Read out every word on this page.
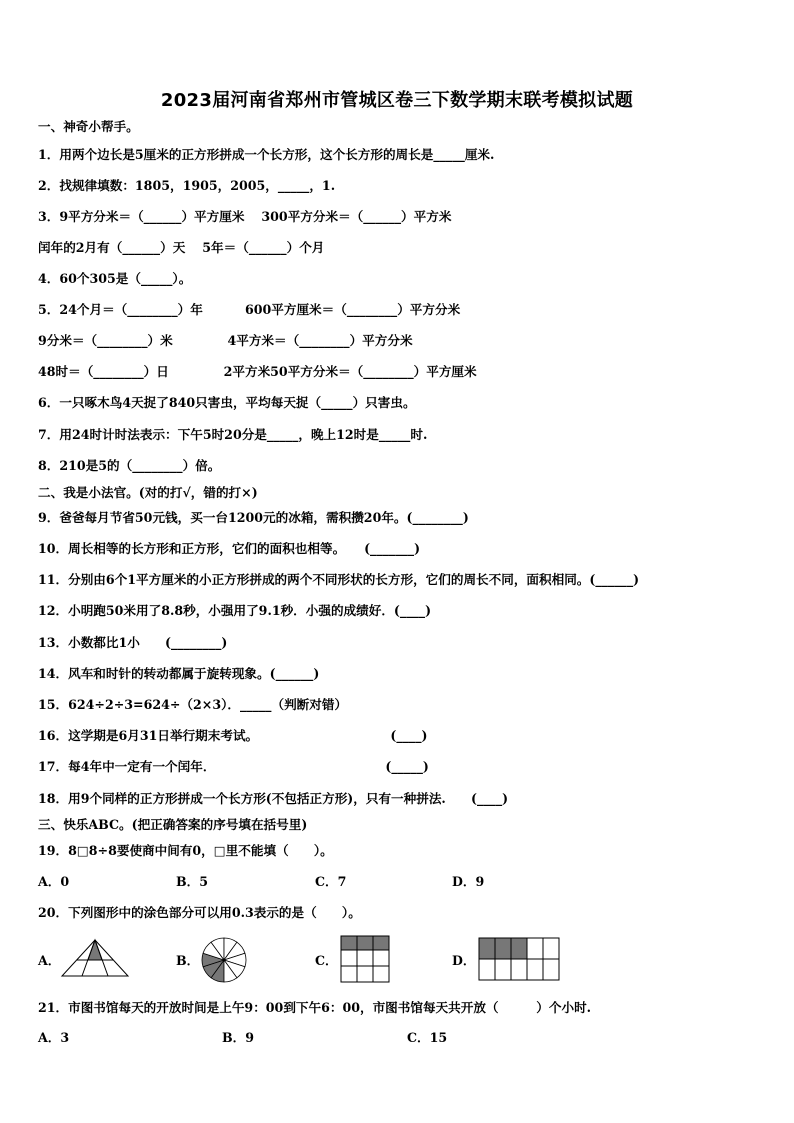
2023届河南省郑州市管城区卷三下数学期末联考模拟试题
一、神奇小帮手。
1．用两个边长是5厘米的正方形拼成一个长方形，这个长方形的周长是_____厘米.
2．找规律填数：1805，1905，2005，_____，1.
3．9平方分米＝（______）平方厘米　 300平方分米＝（______）平方米
闰年的2月有（______）天　 5年＝（______）个月
4．60个305是（_____）。
5．24个月＝（________）年　　　 600平方厘米＝（________）平方分米
9分米＝（________）米　　　　 4平方米＝（________）平方分米
48时＝（________）日　　　　 2平方米50平方分米＝（________）平方厘米
6．一只啄木鸟4天捉了840只害虫，平均每天捉（_____）只害虫。
7．用24时计时法表示：下午5时20分是_____，晚上12时是_____时.
8．210是5的（________）倍。
二、我是小法官。(对的打√，错的打×)
9．爸爸每月节省50元钱，买一台1200元的冰箱，需积攒20年。(________)
10．周长相等的长方形和正方形，它们的面积也相等。　　(_______)
11．分别由6个1平方厘米的小正方形拼成的两个不同形状的长方形，它们的周长不同，面积相同。(______)
12．小明跑50米用了8.8秒，小强用了9.1秒．小强的成绩好．(____)
13．小数都比1小　　(________)
14．风车和时针的转动都属于旋转现象。(______)
15．624÷2÷3=624÷（2×3）．_____（判断对错）
16．这学期是6月31日举行期末考试。　　　　　　　　　　　(____)
17．每4年中一定有一个闰年．　　　　　　　　　　　　　　(_____)
18．用9个同样的正方形拼成一个长方形(不包括正方形)，只有一种拼法.　　(____)
三、快乐ABC。(把正确答案的序号填在括号里)
19．8□8÷8要使商中间有0，□里不能填（　　）。
20．下列图形中的涂色部分可以用0.3表示的是（　　）。
21．市图书馆每天的开放时间是上午9：00到下午6：00，市图书馆每天共开放（　　　）个小时.
A．0	B．5	C．7	D．9
A．	B．	C．	D．
A．3	B．9	C．15
